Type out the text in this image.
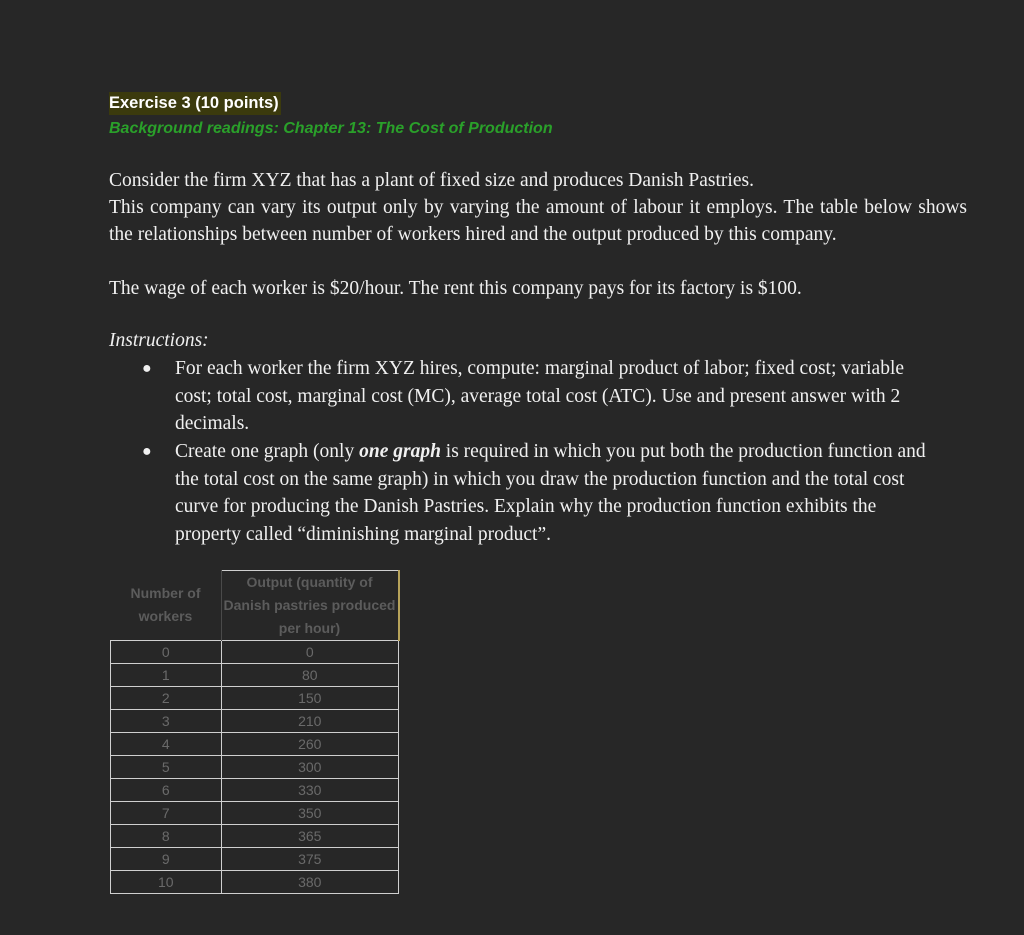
Exercise 3 (10 points)
Background readings: Chapter 13: The Cost of Production
Consider the firm XYZ that has a plant of fixed size and produces Danish Pastries.
This company can vary its output only by varying the amount of labour it employs. The table below shows the relationships between number of workers hired and the output produced by this company.
The wage of each worker is $20/hour. The rent this company pays for its factory is $100.
Instructions:
● For each worker the firm XYZ hires, compute: marginal product of labor; fixed cost; variable cost; total cost, marginal cost (MC), average total cost (ATC). Use and present answer with 2 decimals.
● Create one graph (only one graph is required in which you put both the production function and the total cost on the same graph) in which you draw the production function and the total cost curve for producing the Danish Pastries. Explain why the production function exhibits the property called “diminishing marginal product”.
Number of workers	Output (quantity of Danish pastries produced per hour)
0	0
1	80
2	150
3	210
4	260
5	300
6	330
7	350
8	365
9	375
10	380
